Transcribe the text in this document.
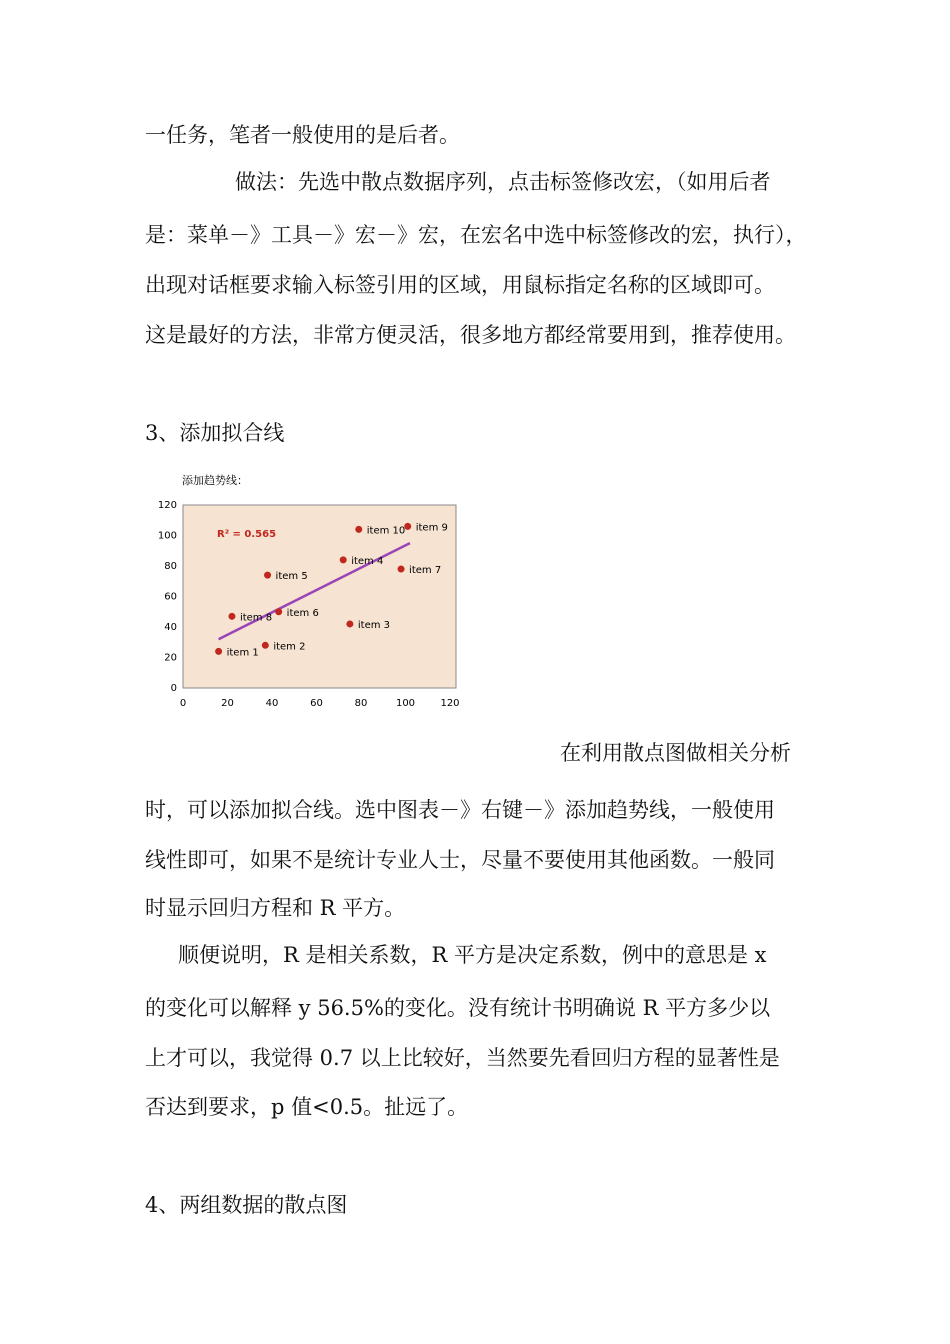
一任务，笔者一般使用的是后者。
做法：先选中散点数据序列，点击标签修改宏，（如用后者
是：菜单－》工具－》宏－》宏，在宏名中选中标签修改的宏，执行），
出现对话框要求输入标签引用的区域，用鼠标指定名称的区域即可。
这是最好的方法，非常方便灵活，很多地方都经常要用到，推荐使用。
3、添加拟合线
添加趋势线：
0
20
40
60
80
100
120
0	20	40	60	80	100	120
R² = 0.565
item 1
item 2
item 3
item 4
item 5
item 6
item 7
item 8
item 9
item 10
在利用散点图做相关分析
时，可以添加拟合线。选中图表－》右键－》添加趋势线，一般使用
线性即可，如果不是统计专业人士，尽量不要使用其他函数。一般同
时显示回归方程和 R 平方。
顺便说明，R 是相关系数，R 平方是决定系数，例中的意思是 x
的变化可以解释 y 56.5%的变化。没有统计书明确说 R 平方多少以
上才可以，我觉得 0.7 以上比较好，当然要先看回归方程的显著性是
否达到要求，p 值<0.5。扯远了。
4、两组数据的散点图
